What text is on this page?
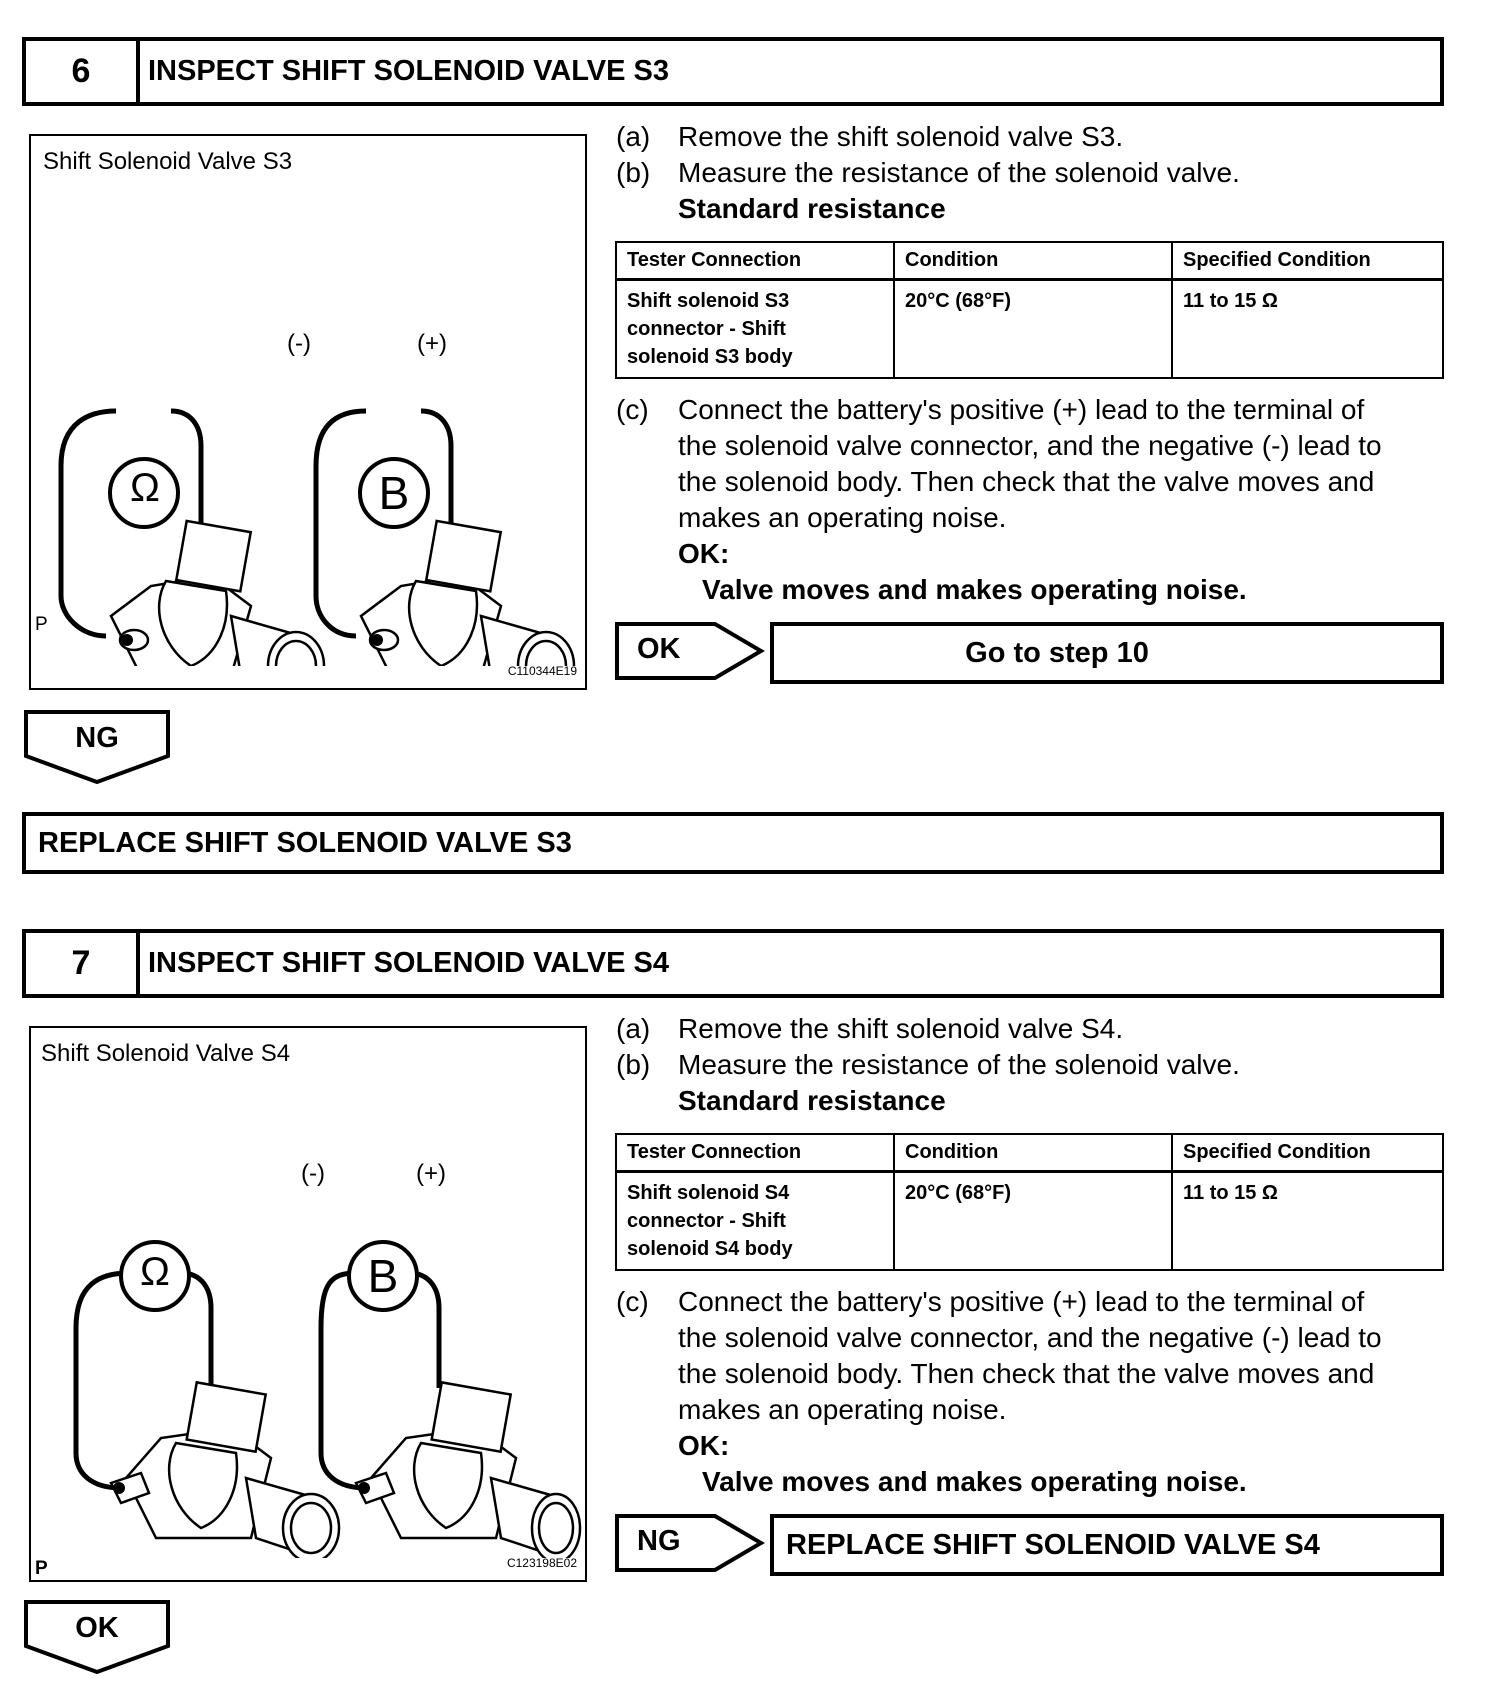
6	INSPECT SHIFT SOLENOID VALVE S3
Shift Solenoid Valve S3
Ω	B
(-)	(+)
P
C110344E19
(a) Remove the shift solenoid valve S3.
(b) Measure the resistance of the solenoid valve.
Standard resistance
Tester Connection	Condition	Specified Condition
Shift solenoid S3
connector - Shift
solenoid S3 body	20°C (68°F)	11 to 15 Ω
(c) Connect the battery's positive (+) lead to the terminal of
the solenoid valve connector, and the negative (-) lead to
the solenoid body. Then check that the valve moves and
makes an operating noise.
OK:
Valve moves and makes operating noise.
OK	Go to step 10
NG
REPLACE SHIFT SOLENOID VALVE S3
7	INSPECT SHIFT SOLENOID VALVE S4
Shift Solenoid Valve S4
Ω	B
(-)	(+)
P	C123198E02
(a) Remove the shift solenoid valve S4.
(b) Measure the resistance of the solenoid valve.
Standard resistance
Tester Connection	Condition	Specified Condition
Shift solenoid S4
connector - Shift
solenoid S4 body	20°C (68°F)	11 to 15 Ω
(c) Connect the battery's positive (+) lead to the terminal of
the solenoid valve connector, and the negative (-) lead to
the solenoid body. Then check that the valve moves and
makes an operating noise.
OK:
Valve moves and makes operating noise.
NG	REPLACE SHIFT SOLENOID VALVE S4
OK
